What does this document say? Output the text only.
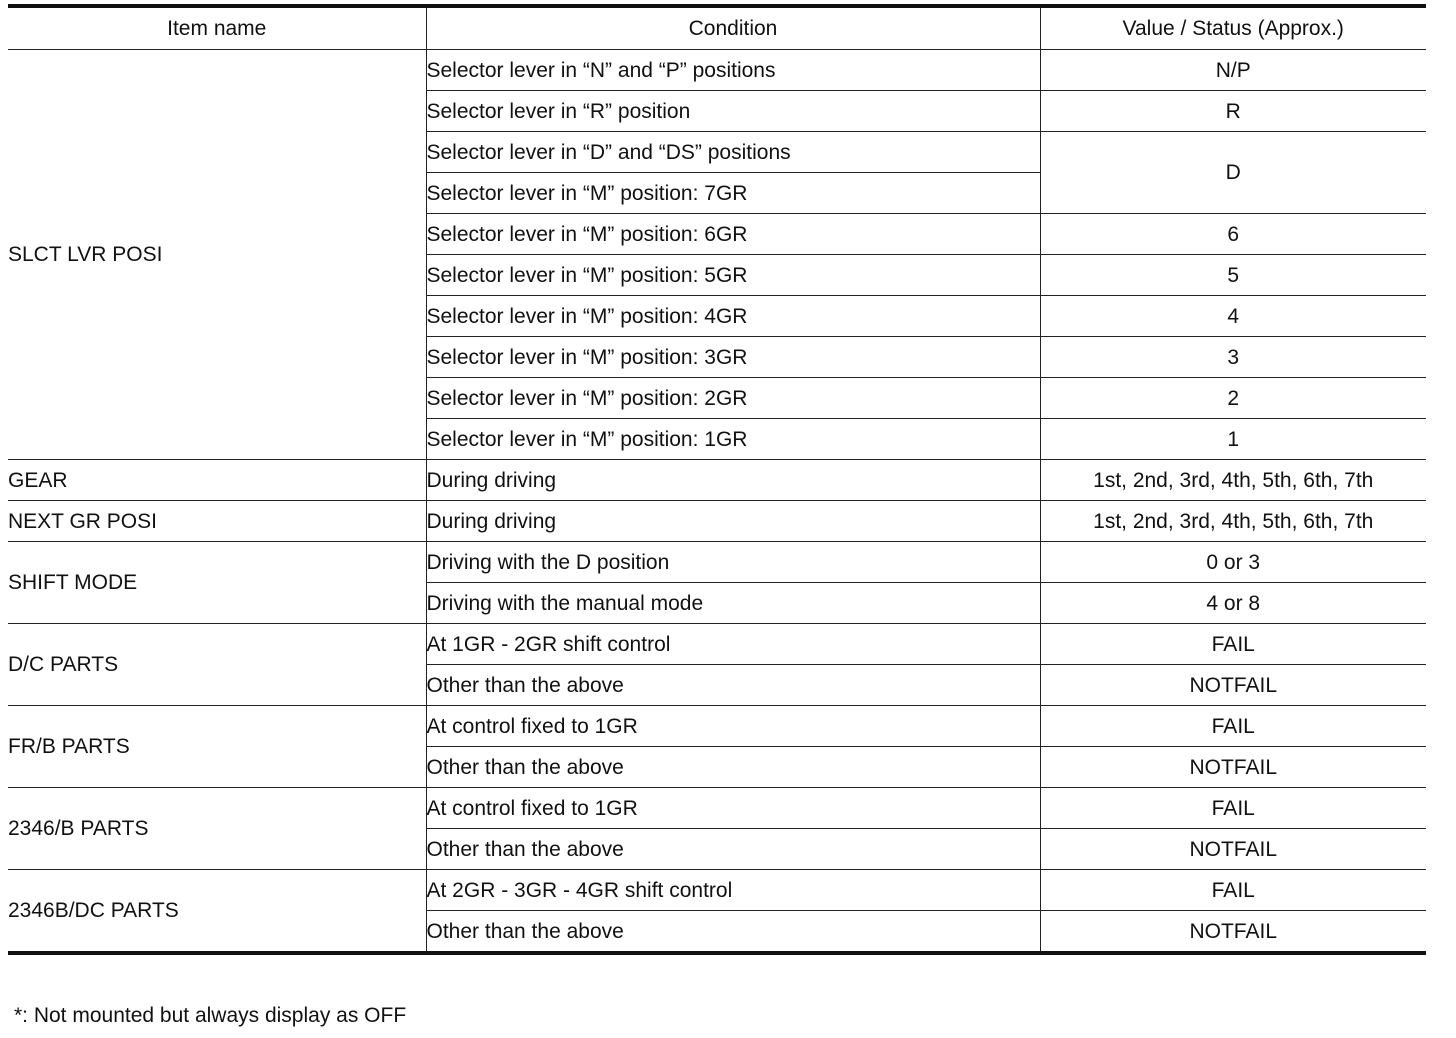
Item name	Condition	Value / Status (Approx.)
SLCT LVR POSI	Selector lever in “N” and “P” positions	N/P
	Selector lever in “R” position	R
	Selector lever in “D” and “DS” positions	D
	Selector lever in “M” position: 7GR	
	Selector lever in “M” position: 6GR	6
	Selector lever in “M” position: 5GR	5
	Selector lever in “M” position: 4GR	4
	Selector lever in “M” position: 3GR	3
	Selector lever in “M” position: 2GR	2
	Selector lever in “M” position: 1GR	1
GEAR	During driving	1st, 2nd, 3rd, 4th, 5th, 6th, 7th
NEXT GR POSI	During driving	1st, 2nd, 3rd, 4th, 5th, 6th, 7th
SHIFT MODE	Driving with the D position	0 or 3
	Driving with the manual mode	4 or 8
D/C PARTS	At 1GR - 2GR shift control	FAIL
	Other than the above	NOTFAIL
FR/B PARTS	At control fixed to 1GR	FAIL
	Other than the above	NOTFAIL
2346/B PARTS	At control fixed to 1GR	FAIL
	Other than the above	NOTFAIL
2346B/DC PARTS	At 2GR - 3GR - 4GR shift control	FAIL
	Other than the above	NOTFAIL
*: Not mounted but always display as OFF
